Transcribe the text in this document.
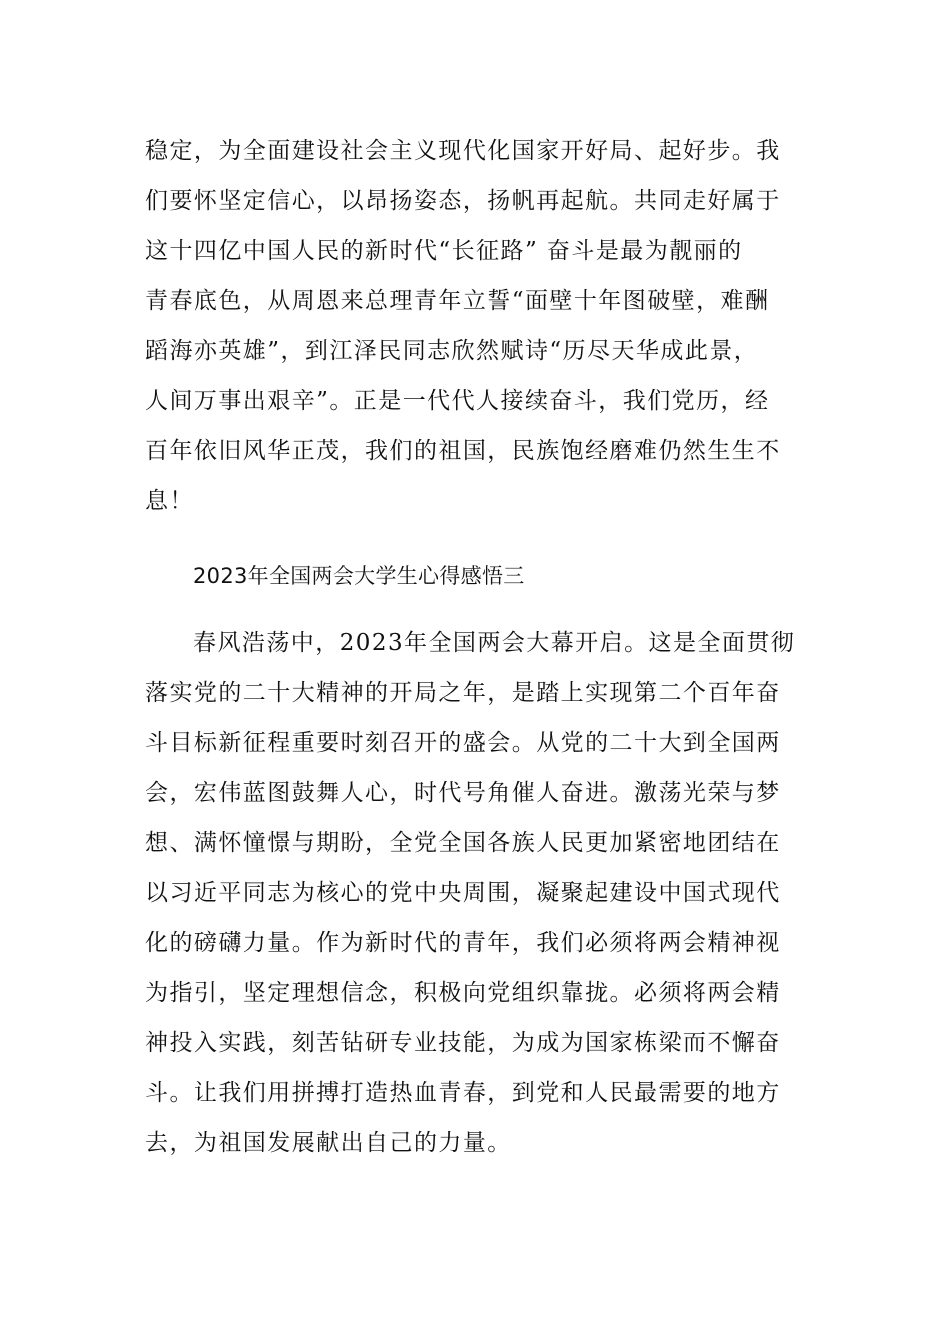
稳定，为全面建设社会主义现代化国家开好局、起好步。我
们要怀坚定信心，以昂扬姿态，扬帆再起航。共同走好属于
这十四亿中国人民的新时代“长征路” 奋斗是最为靓丽的
青春底色，从周恩来总理青年立誓“面壁十年图破壁，难酬
蹈海亦英雄”，到江泽民同志欣然赋诗“历尽天华成此景，
人间万事出艰辛”。正是一代代人接续奋斗，我们党历，经
百年依旧风华正茂，我们的祖国，民族饱经磨难仍然生生不
息！
2023年全国两会大学生心得感悟三
春风浩荡中，2023年全国两会大幕开启。这是全面贯彻
落实党的二十大精神的开局之年，是踏上实现第二个百年奋
斗目标新征程重要时刻召开的盛会。从党的二十大到全国两
会，宏伟蓝图鼓舞人心，时代号角催人奋进。激荡光荣与梦
想、满怀憧憬与期盼，全党全国各族人民更加紧密地团结在
以习近平同志为核心的党中央周围，凝聚起建设中国式现代
化的磅礴力量。作为新时代的青年，我们必须将两会精神视
为指引，坚定理想信念，积极向党组织靠拢。必须将两会精
神投入实践，刻苦钻研专业技能，为成为国家栋梁而不懈奋
斗。让我们用拼搏打造热血青春，到党和人民最需要的地方
去，为祖国发展献出自己的力量。
